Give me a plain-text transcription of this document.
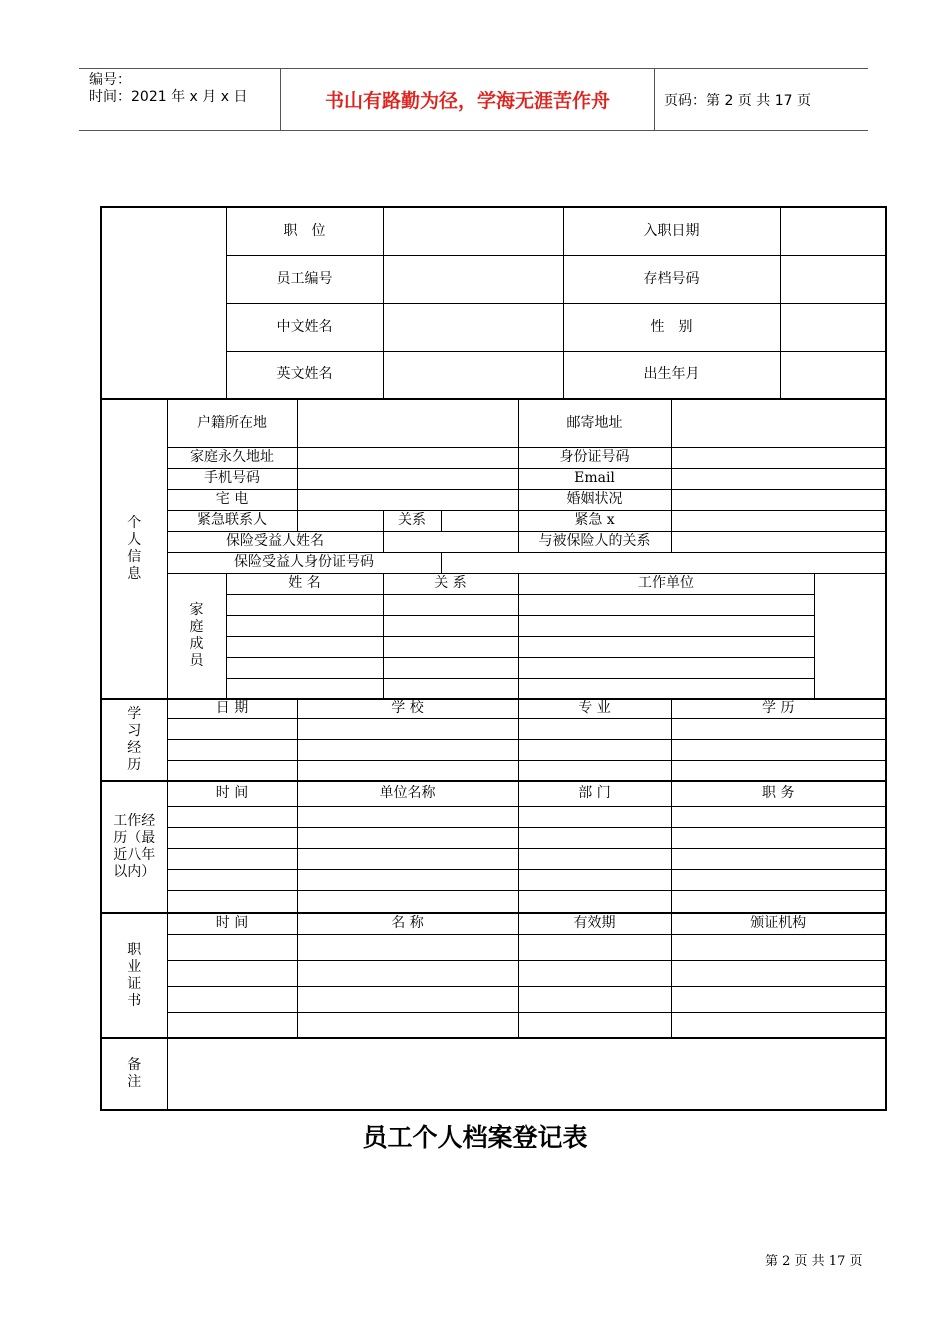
编号：
时间：2021 年 x 月 x 日	书山有路勤为径，学海无涯苦作舟	页码：第 2 页 共 17 页
		职　位					入职日期		
		员工编号					存档号码		
		中文姓名					性　别		
		英文姓名					出生年月		
个人信息	户籍所在地					邮寄地址			
	家庭永久地址					身份证号码			
	手机号码					Email			
	宅 电					婚姻状况			
	紧急联系人			关系		紧急 x			
	保险受益人姓名					与被保险人的关系			
	保险受益人身份证号码								
	家庭成员	姓 名		关 系		工作单位			

学习经历	日 期		学 校			专 业		学 历	

工作经历（最近八年以内）	时 间		单位名称			部 门		职 务	

职业证书	时 间		名 称			有效期		颁证机构	

备注									
员工个人档案登记表
第 2 页 共 17 页
